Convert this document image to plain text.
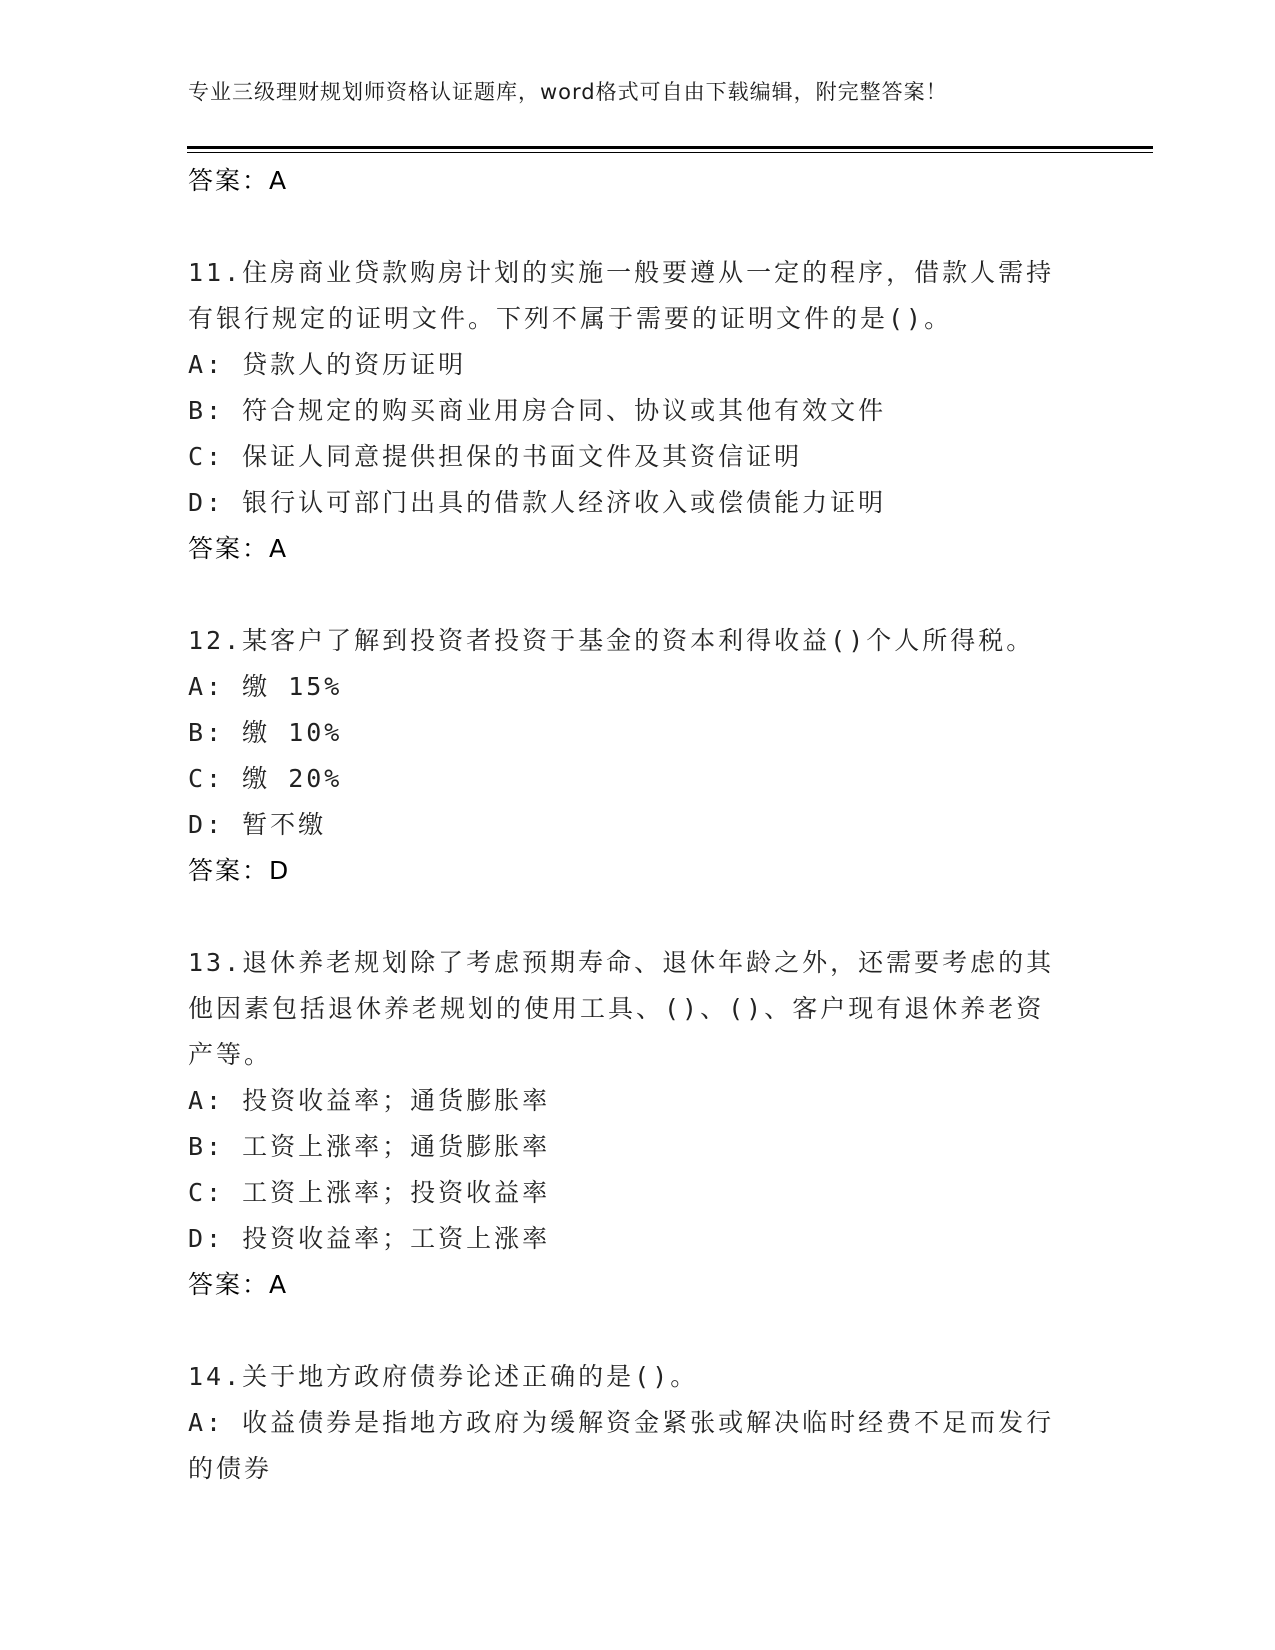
专业三级理财规划师资格认证题库，word格式可自由下载编辑，附完整答案！
答案：A
11.住房商业贷款购房计划的实施一般要遵从一定的程序，借款人需持
有银行规定的证明文件。下列不属于需要的证明文件的是()。
A: 贷款人的资历证明
B: 符合规定的购买商业用房合同、协议或其他有效文件
C: 保证人同意提供担保的书面文件及其资信证明
D: 银行认可部门出具的借款人经济收入或偿债能力证明
答案：A
12.某客户了解到投资者投资于基金的资本利得收益()个人所得税。
A: 缴 15%
B: 缴 10%
C: 缴 20%
D: 暂不缴
答案：D
13.退休养老规划除了考虑预期寿命、退休年龄之外，还需要考虑的其
他因素包括退休养老规划的使用工具、()、()、客户现有退休养老资
产等。
A: 投资收益率；通货膨胀率
B: 工资上涨率；通货膨胀率
C: 工资上涨率；投资收益率
D: 投资收益率；工资上涨率
答案：A
14.关于地方政府债券论述正确的是()。
A: 收益债券是指地方政府为缓解资金紧张或解决临时经费不足而发行
的债券
